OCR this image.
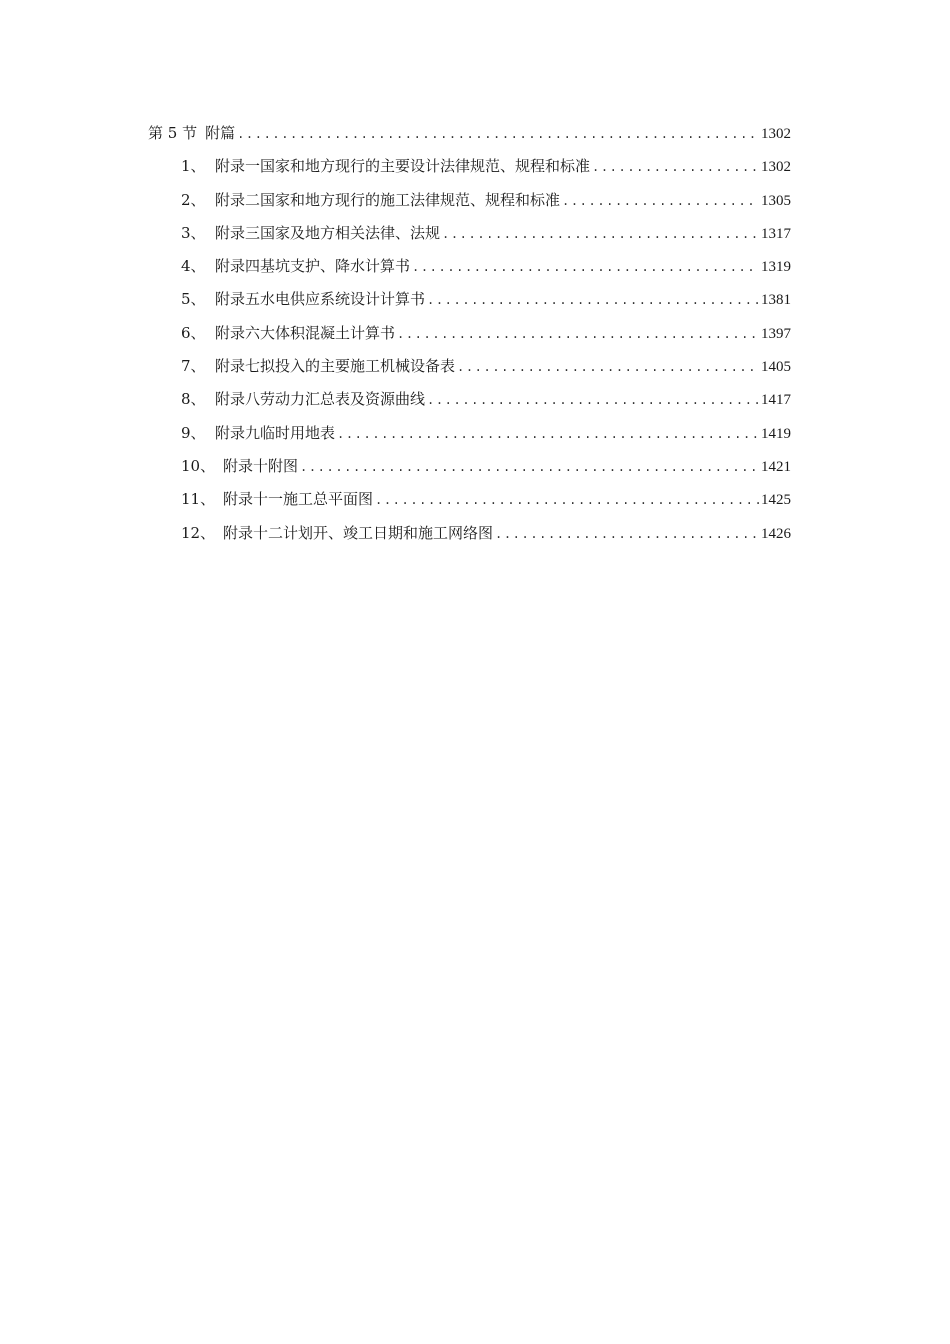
第 5 节 附篇 .....	1302
1、 附录一国家和地方现行的主要设计法律规范、规程和标准 .....	1302
2、 附录二国家和地方现行的施工法律规范、规程和标准 .....	1305
3、 附录三国家及地方相关法律、法规 .....	1317
4、 附录四基坑支护、降水计算书 .....	1319
5、 附录五水电供应系统设计计算书 .....	1381
6、 附录六大体积混凝土计算书 .....	1397
7、 附录七拟投入的主要施工机械设备表 .....	1405
8、 附录八劳动力汇总表及资源曲线 .....	1417
9、 附录九临时用地表 .....	1419
10、 附录十附图 .....	1421
11、 附录十一施工总平面图 .....	1425
12、 附录十二计划开、竣工日期和施工网络图 .....	1426
